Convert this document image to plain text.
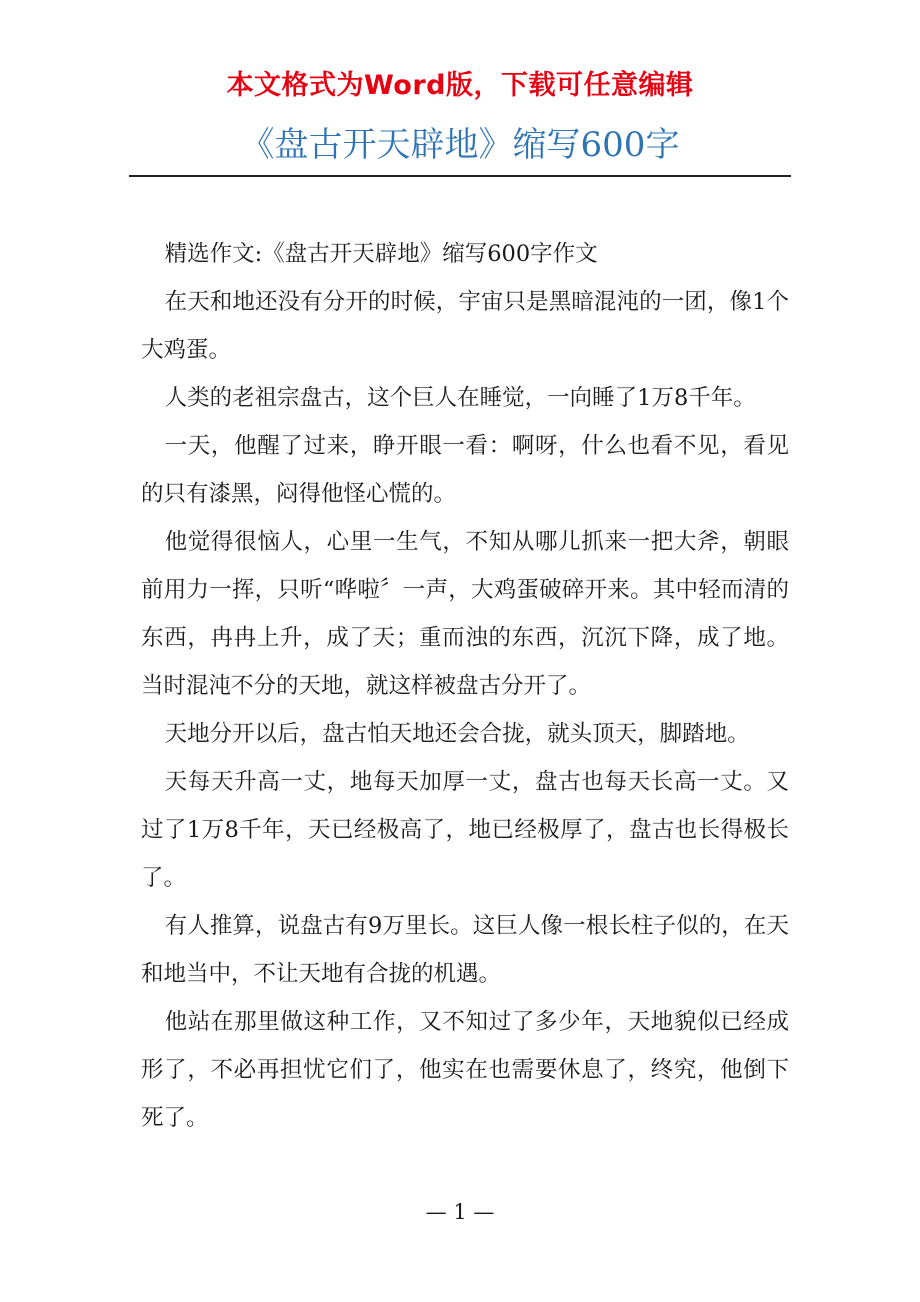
本文格式为Word版，下载可任意编辑
《盘古开天辟地》缩写600字

精选作文:《盘古开天辟地》缩写600字作文

在天和地还没有分开的时候，宇宙只是黑暗混沌的一团，像1个大鸡蛋。

人类的老祖宗盘古，这个巨人在睡觉，一向睡了1万8千年。

一天，他醒了过来，睁开眼一看：啊呀，什么也看不见，看见的只有漆黑，闷得他怪心慌的。

他觉得很恼人，心里一生气，不知从哪儿抓来一把大斧，朝眼前用力一挥，只听“哗啦〞一声，大鸡蛋破碎开来。其中轻而清的东西，冉冉上升，成了天；重而浊的东西，沉沉下降，成了地。当时混沌不分的天地，就这样被盘古分开了。

天地分开以后，盘古怕天地还会合拢，就头顶天，脚踏地。

天每天升高一丈，地每天加厚一丈，盘古也每天长高一丈。又过了1万8千年，天已经极高了，地已经极厚了，盘古也长得极长了。

有人推算，说盘古有9万里长。这巨人像一根长柱子似的，在天和地当中，不让天地有合拢的机遇。

他站在那里做这种工作，又不知过了多少年，天地貌似已经成形了，不必再担忧它们了，他实在也需要休息了，终究，他倒下死了。

— 1 —
